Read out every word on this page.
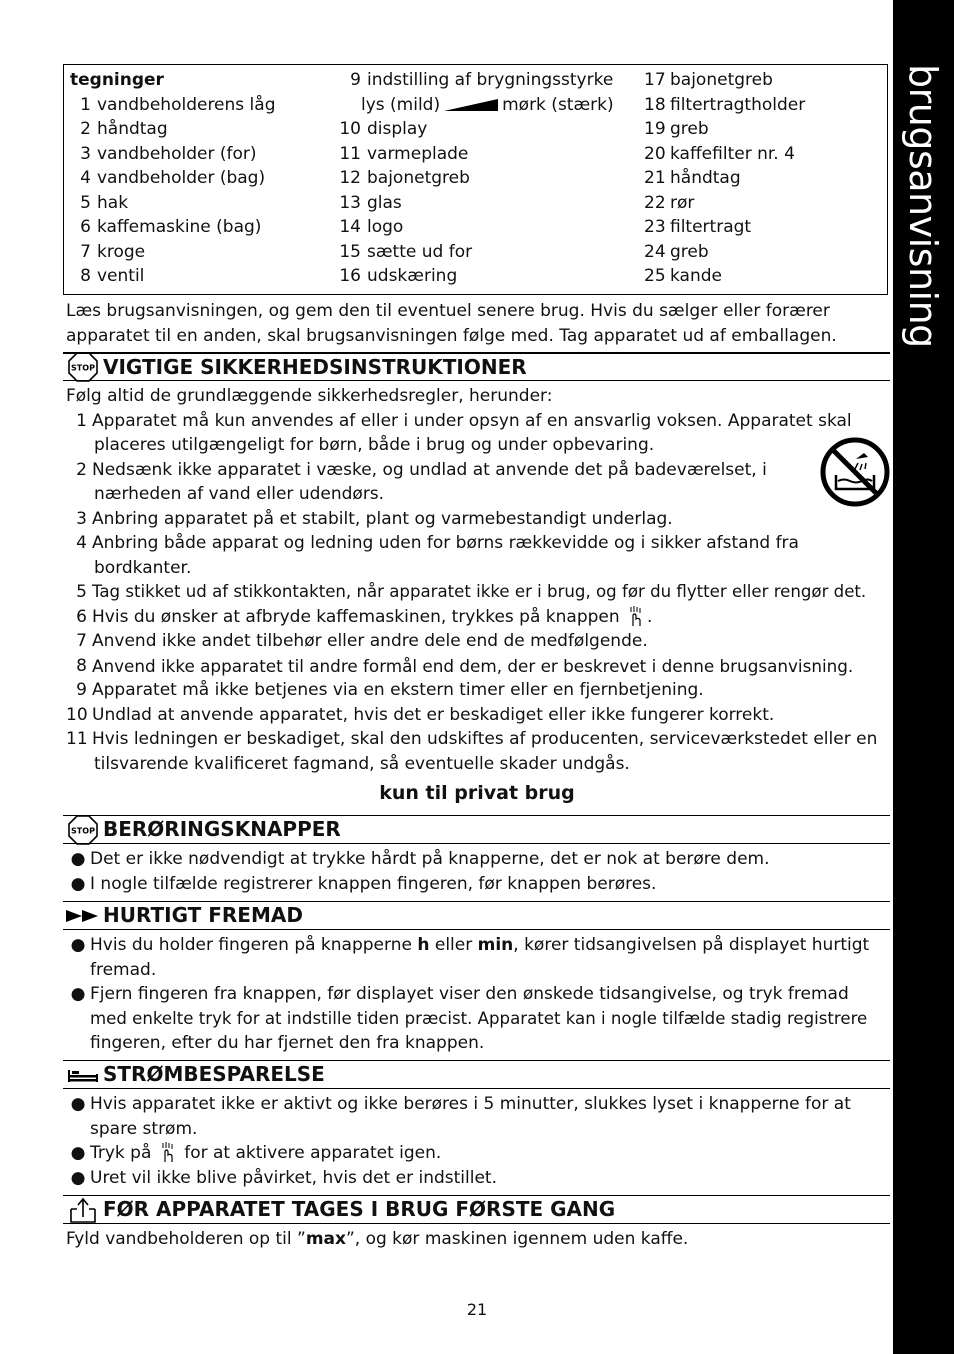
brugsanvisning
tegninger
1 vandbeholderens låg
2 håndtag
3 vandbeholder (for)
4 vandbeholder (bag)
5 hak
6 kaffemaskine (bag)
7 kroge
8 ventil
9 indstilling af brygningsstyrke
lys (mild)	mørk (stærk)
10 display
11 varmeplade
12 bajonetgreb
13 glas
14 logo
15 sætte ud for
16 udskæring
17 bajonetgreb
18 filtertragtholder
19 greb
20 kaffefilter nr. 4
21 håndtag
22 rør
23 filtertragt
24 greb
25 kande
Læs brugsanvisningen, og gem den til eventuel senere brug. Hvis du sælger eller forærer
apparatet til en anden, skal brugsanvisningen følge med. Tag apparatet ud af emballagen.
STOP VIGTIGE SIKKERHEDSINSTRUKTIONER
Følg altid de grundlæggende sikkerhedsregler, herunder:
1 Apparatet må kun anvendes af eller i under opsyn af en ansvarlig voksen. Apparatet skal
placeres utilgængeligt for børn, både i brug og under opbevaring.
2 Nedsænk ikke apparatet i væske, og undlad at anvende det på badeværelset, i
nærheden af vand eller udendørs.
3 Anbring apparatet på et stabilt, plant og varmebestandigt underlag.
4 Anbring både apparat og ledning uden for børns rækkevidde og i sikker afstand fra
bordkanter.
5 Tag stikket ud af stikkontakten, når apparatet ikke er i brug, og før du flytter eller rengør det.
6 Hvis du ønsker at afbryde kaffemaskinen, trykkes på knappen .
7 Anvend ikke andet tilbehør eller andre dele end de medfølgende.
8 Anvend ikke apparatet til andre formål end dem, der er beskrevet i denne brugsanvisning.
9 Apparatet må ikke betjenes via en ekstern timer eller en fjernbetjening.
10 Undlad at anvende apparatet, hvis det er beskadiget eller ikke fungerer korrekt.
11 Hvis ledningen er beskadiget, skal den udskiftes af producenten, serviceværkstedet eller en
tilsvarende kvalificeret fagmand, så eventuelle skader undgås.
kun til privat brug
STOP BERØRINGSKNAPPER
● Det er ikke nødvendigt at trykke hårdt på knapperne, det er nok at berøre dem.
● I nogle tilfælde registrerer knappen fingeren, før knappen berøres.
HURTIGT FREMAD
● Hvis du holder fingeren på knapperne h eller min, kører tidsangivelsen på displayet hurtigt
fremad.
● Fjern fingeren fra knappen, før displayet viser den ønskede tidsangivelse, og tryk fremad
med enkelte tryk for at indstille tiden præcist. Apparatet kan i nogle tilfælde stadig registrere
fingeren, efter du har fjernet den fra knappen.
STRØMBESPARELSE
● Hvis apparatet ikke er aktivt og ikke berøres i 5 minutter, slukkes lyset i knapperne for at
spare strøm.
● Tryk på for at aktivere apparatet igen.
● Uret vil ikke blive påvirket, hvis det er indstillet.
FØR APPARATET TAGES I BRUG FØRSTE GANG
Fyld vandbeholderen op til ”max”, og kør maskinen igennem uden kaffe.
21
